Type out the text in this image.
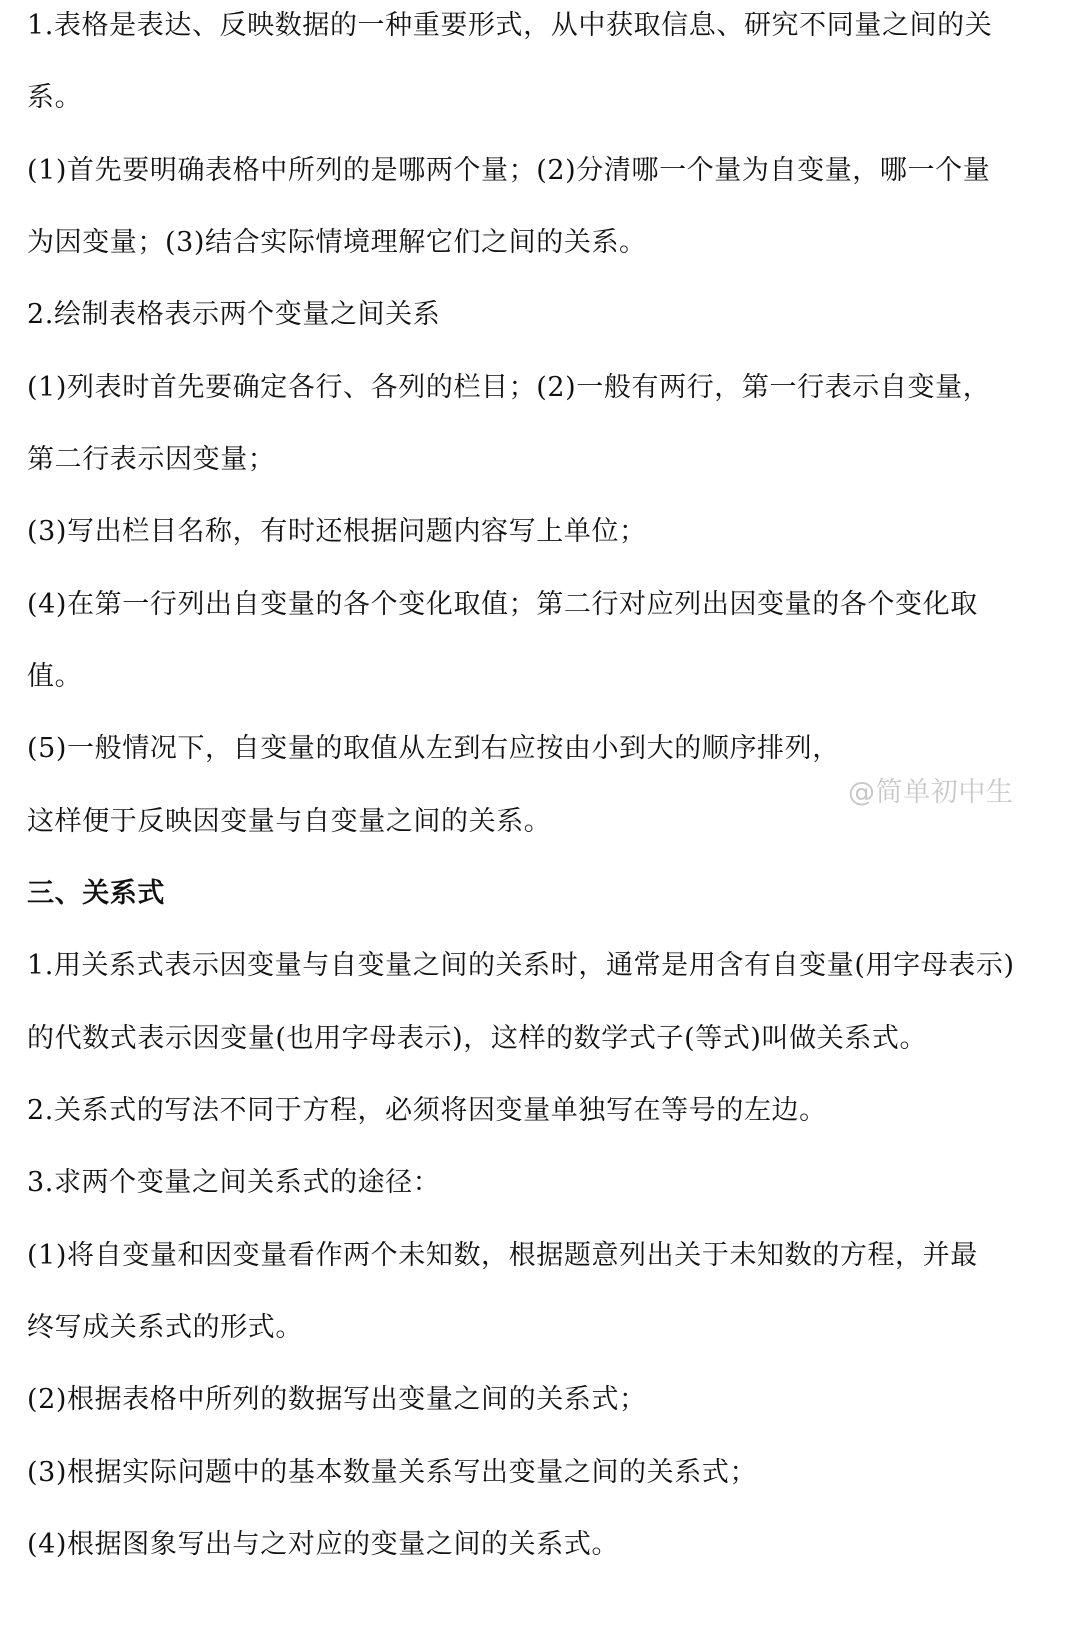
1.表格是表达、反映数据的一种重要形式，从中获取信息、研究不同量之间的关
系。
(1)首先要明确表格中所列的是哪两个量；(2)分清哪一个量为自变量，哪一个量
为因变量；(3)结合实际情境理解它们之间的关系。
2.绘制表格表示两个变量之间关系
(1)列表时首先要确定各行、各列的栏目；(2)一般有两行，第一行表示自变量，
第二行表示因变量；
(3)写出栏目名称，有时还根据问题内容写上单位；
(4)在第一行列出自变量的各个变化取值；第二行对应列出因变量的各个变化取
值。
(5)一般情况下，自变量的取值从左到右应按由小到大的顺序排列，
这样便于反映因变量与自变量之间的关系。
三、关系式
1.用关系式表示因变量与自变量之间的关系时，通常是用含有自变量(用字母表示)
的代数式表示因变量(也用字母表示)，这样的数学式子(等式)叫做关系式。
2.关系式的写法不同于方程，必须将因变量单独写在等号的左边。
3.求两个变量之间关系式的途径：
(1)将自变量和因变量看作两个未知数，根据题意列出关于未知数的方程，并最
终写成关系式的形式。
(2)根据表格中所列的数据写出变量之间的关系式；
(3)根据实际问题中的基本数量关系写出变量之间的关系式；
(4)根据图象写出与之对应的变量之间的关系式。
@简单初中生
